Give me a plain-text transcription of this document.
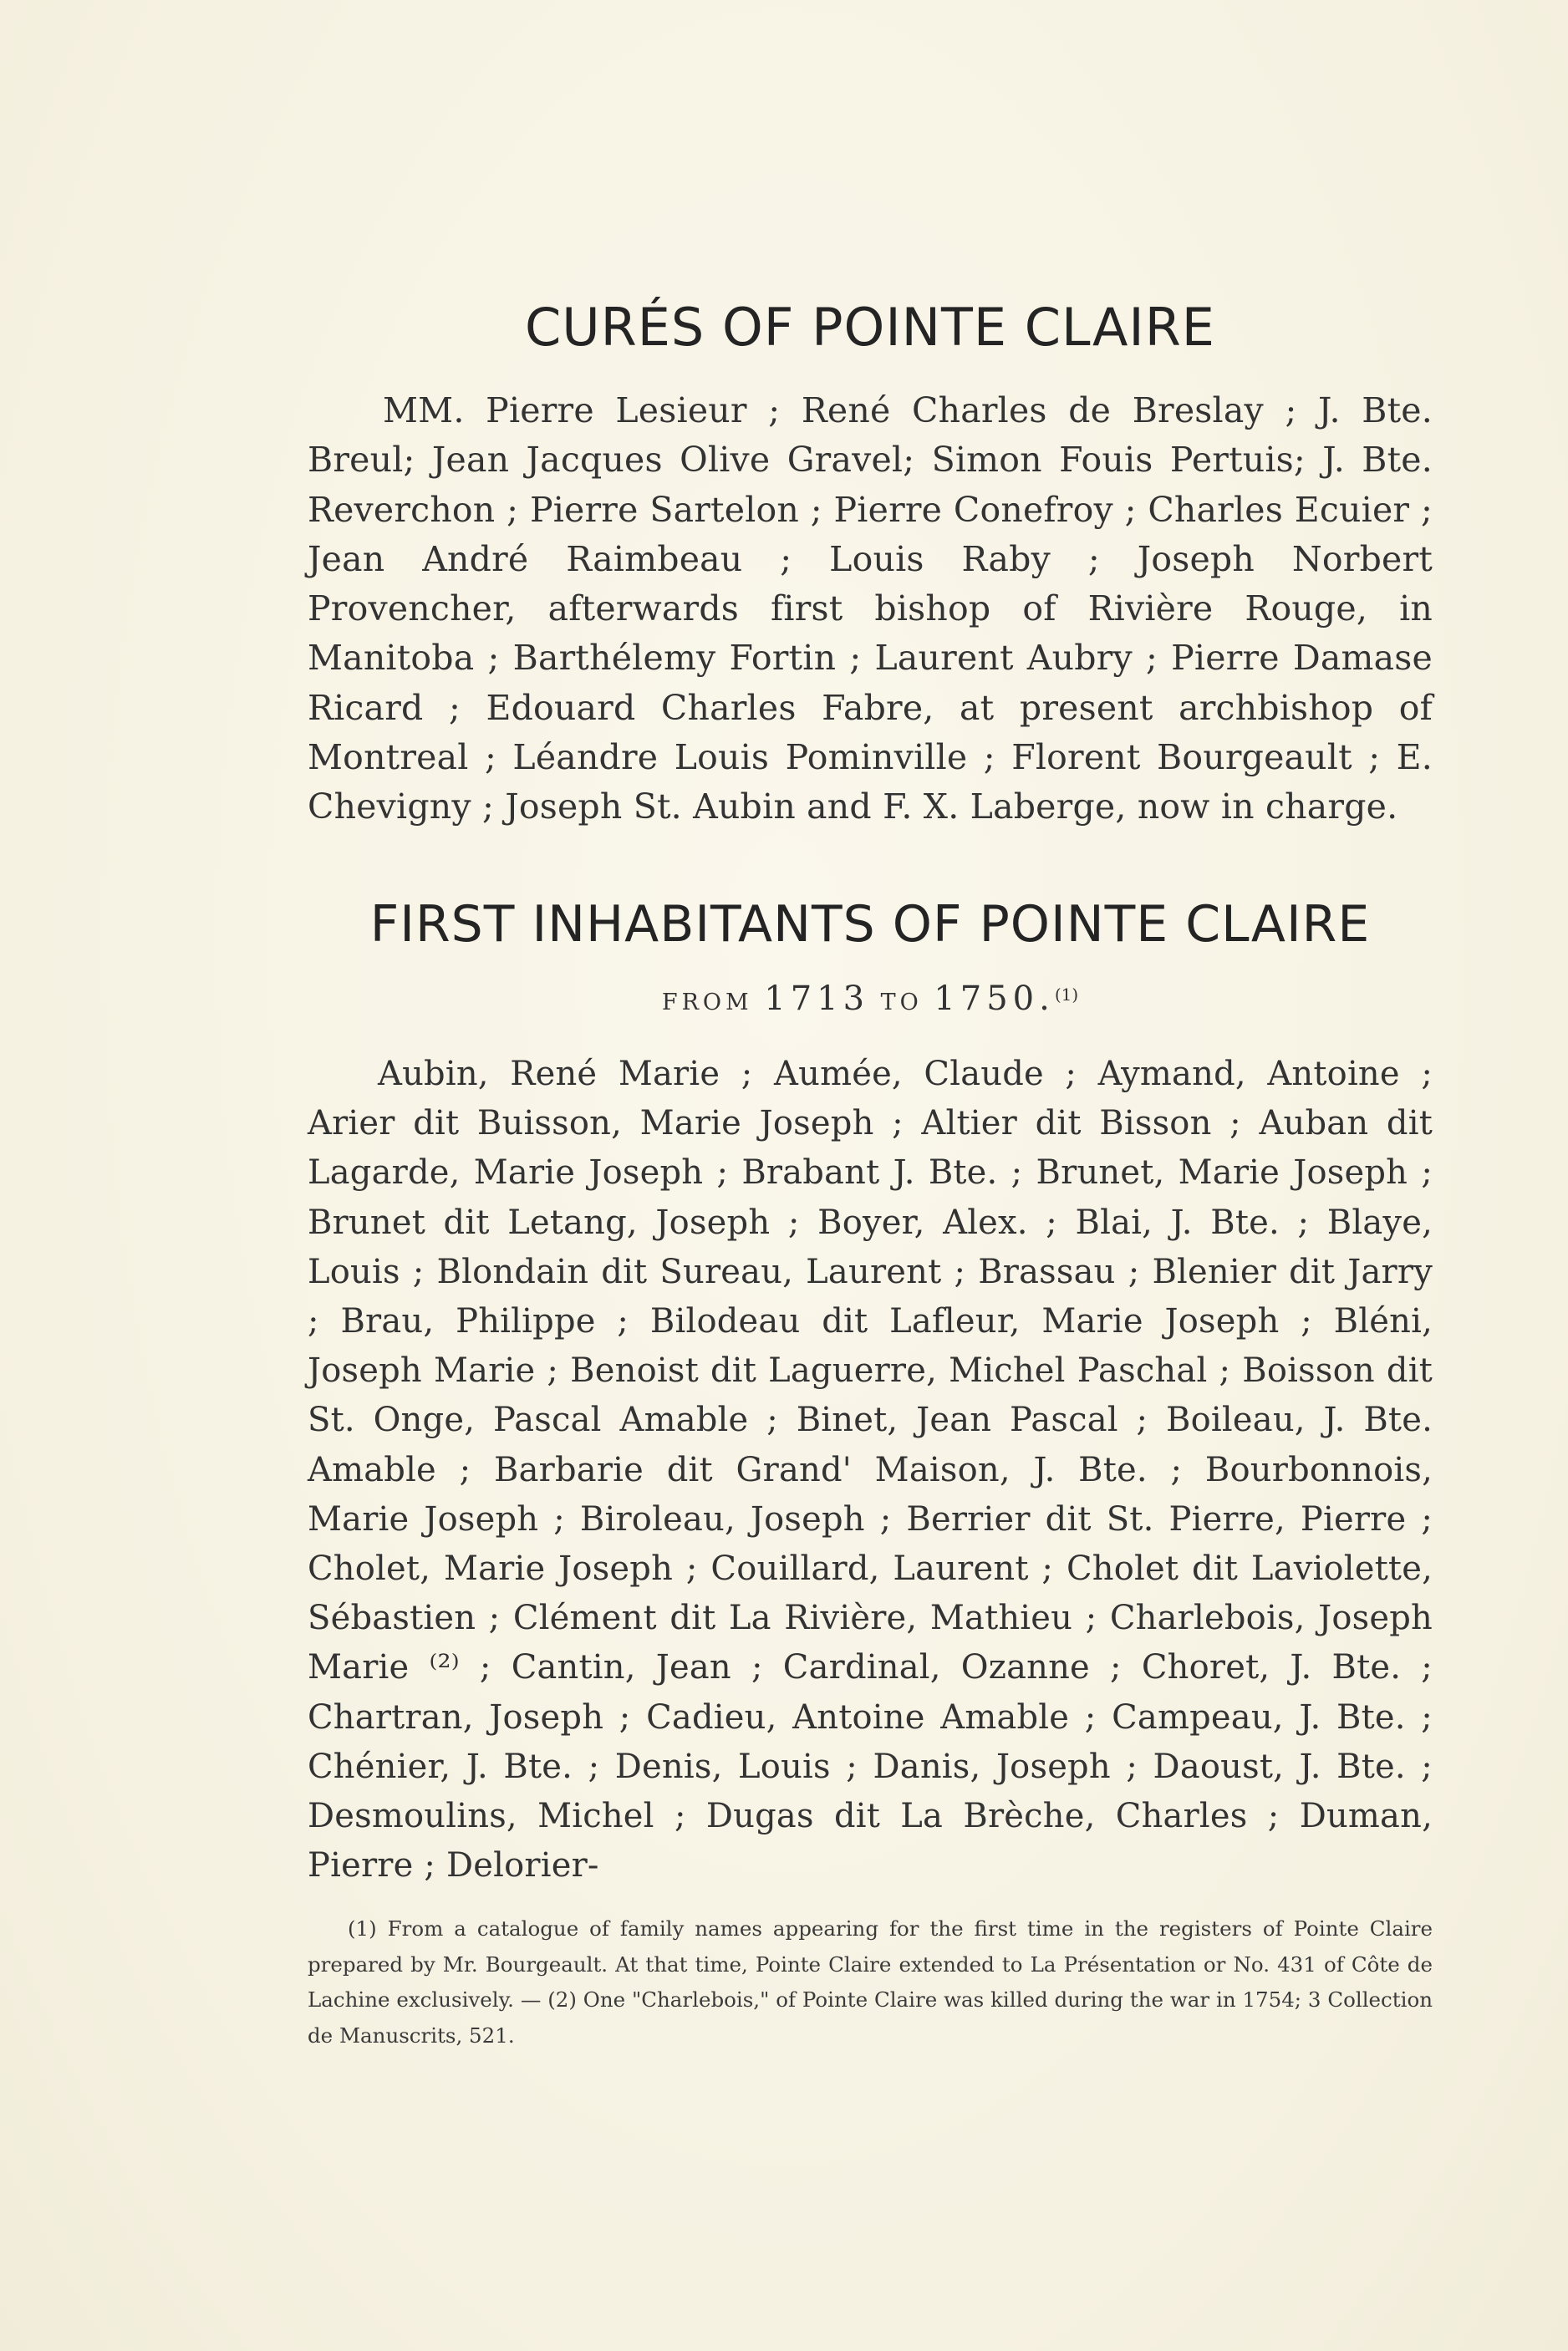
CURÉS OF POINTE CLAIRE

MM. Pierre Lesieur ; René Charles de Breslay ; J. Bte. Breul; Jean Jacques Olive Gravel; Simon Fouis Pertuis; J. Bte. Reverchon ; Pierre Sartelon ; Pierre Conefroy ; Charles Ecuier ; Jean André Raimbeau ; Louis Raby ; Joseph Norbert Provencher, afterwards first bishop of Rivière Rouge, in Manitoba ; Barthélemy Fortin ; Laurent Aubry ; Pierre Damase Ricard ; Edouard Charles Fabre, at present archbishop of Montreal ; Léandre Louis Pominville ; Florent Bourgeault ; E. Chevigny ; Joseph St. Aubin and F. X. Laberge, now in charge.

FIRST INHABITANTS OF POINTE CLAIRE
FROM 1713 TO 1750.$^{(1)}$

Aubin, René Marie ; Aumée, Claude ; Aymand, Antoine ; Arier dit Buisson, Marie Joseph ; Altier dit Bisson ; Auban dit Lagarde, Marie Joseph ; Brabant J. Bte. ; Brunet, Marie Joseph ; Brunet dit Letang, Joseph ; Boyer, Alex. ; Blai, J. Bte. ; Blaye, Louis ; Blondain dit Sureau, Laurent ; Brassau ; Blenier dit Jarry ; Brau, Philippe ; Bilodeau dit Lafleur, Marie Joseph ; Bléni, Joseph Marie ; Benoist dit Laguerre, Michel Paschal ; Boisson dit St. Onge, Pascal Amable ; Binet, Jean Pascal ; Boileau, J. Bte. Amable ; Barbarie dit Grand' Maison, J. Bte. ; Bourbonnois, Marie Joseph ; Biroleau, Joseph ; Berrier dit St. Pierre, Pierre ; Cholet, Marie Joseph ; Couillard, Laurent ; Cholet dit Laviolette, Sébastien ; Clément dit La Rivière, Mathieu ; Charlebois, Joseph Marie ⁽²⁾ ; Cantin, Jean ; Cardinal, Ozanne ; Choret, J. Bte. ; Chartran, Joseph ; Cadieu, Antoine Amable ; Campeau, J. Bte. ; Chénier, J. Bte. ; Denis, Louis ; Danis, Joseph ; Daoust, J. Bte. ; Desmoulins, Michel ; Dugas dit La Brèche, Charles ; Duman, Pierre ; Delorier-

(1) From a catalogue of family names appearing for the first time in the registers of Pointe Claire prepared by Mr. Bourgeault. At that time, Pointe Claire extended to La Présentation or No. 431 of Côte de Lachine exclusively. — (2) One "Charlebois," of Pointe Claire was killed during the war in 1754; 3 Collection de Manuscrits, 521.
